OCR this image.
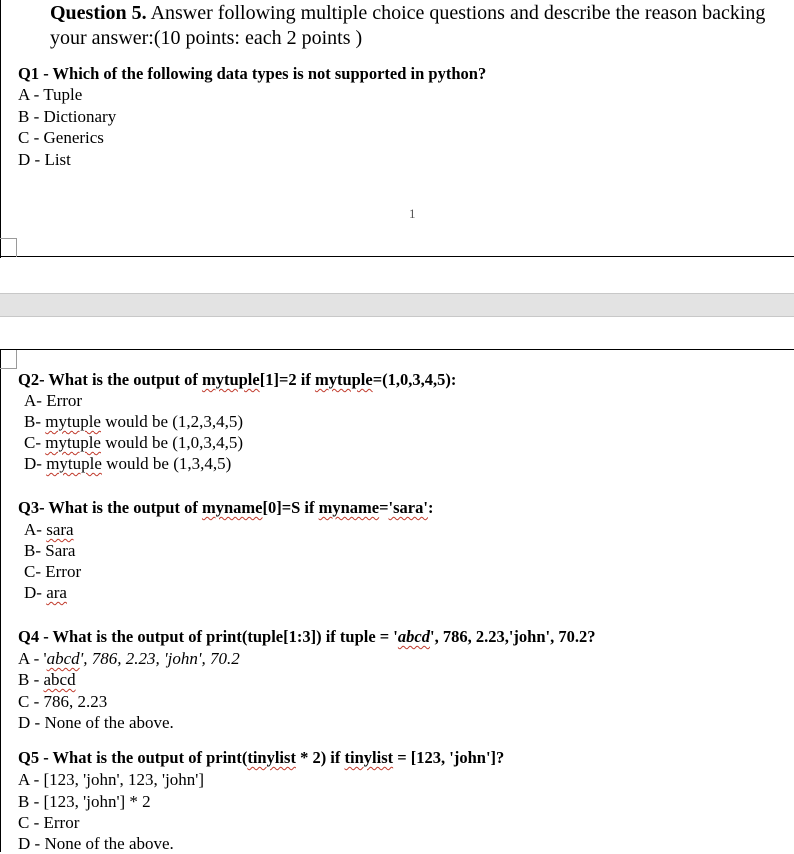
Question 5. Answer following multiple choice questions and describe the reason backing
your answer:(10 points: each 2 points )
Q1 - Which of the following data types is not supported in python?
A - Tuple
B - Dictionary
C - Generics
D - List
1
Q2- What is the output of mytuple[1]=2 if mytuple=(1,0,3,4,5):
A- Error
B- mytuple would be (1,2,3,4,5)
C- mytuple would be (1,0,3,4,5)
D- mytuple would be (1,3,4,5)
Q3- What is the output of myname[0]=S if myname='sara':
A- sara
B- Sara
C- Error
D- ara
Q4 - What is the output of print(tuple[1:3]) if tuple = 'abcd', 786, 2.23,'john', 70.2?
A - 'abcd', 786, 2.23, 'john', 70.2
B - abcd
C - 786, 2.23
D - None of the above.
Q5 - What is the output of print(tinylist * 2) if tinylist = [123, 'john']?
A - [123, 'john', 123, 'john']
B - [123, 'john'] * 2
C - Error
D - None of the above.
